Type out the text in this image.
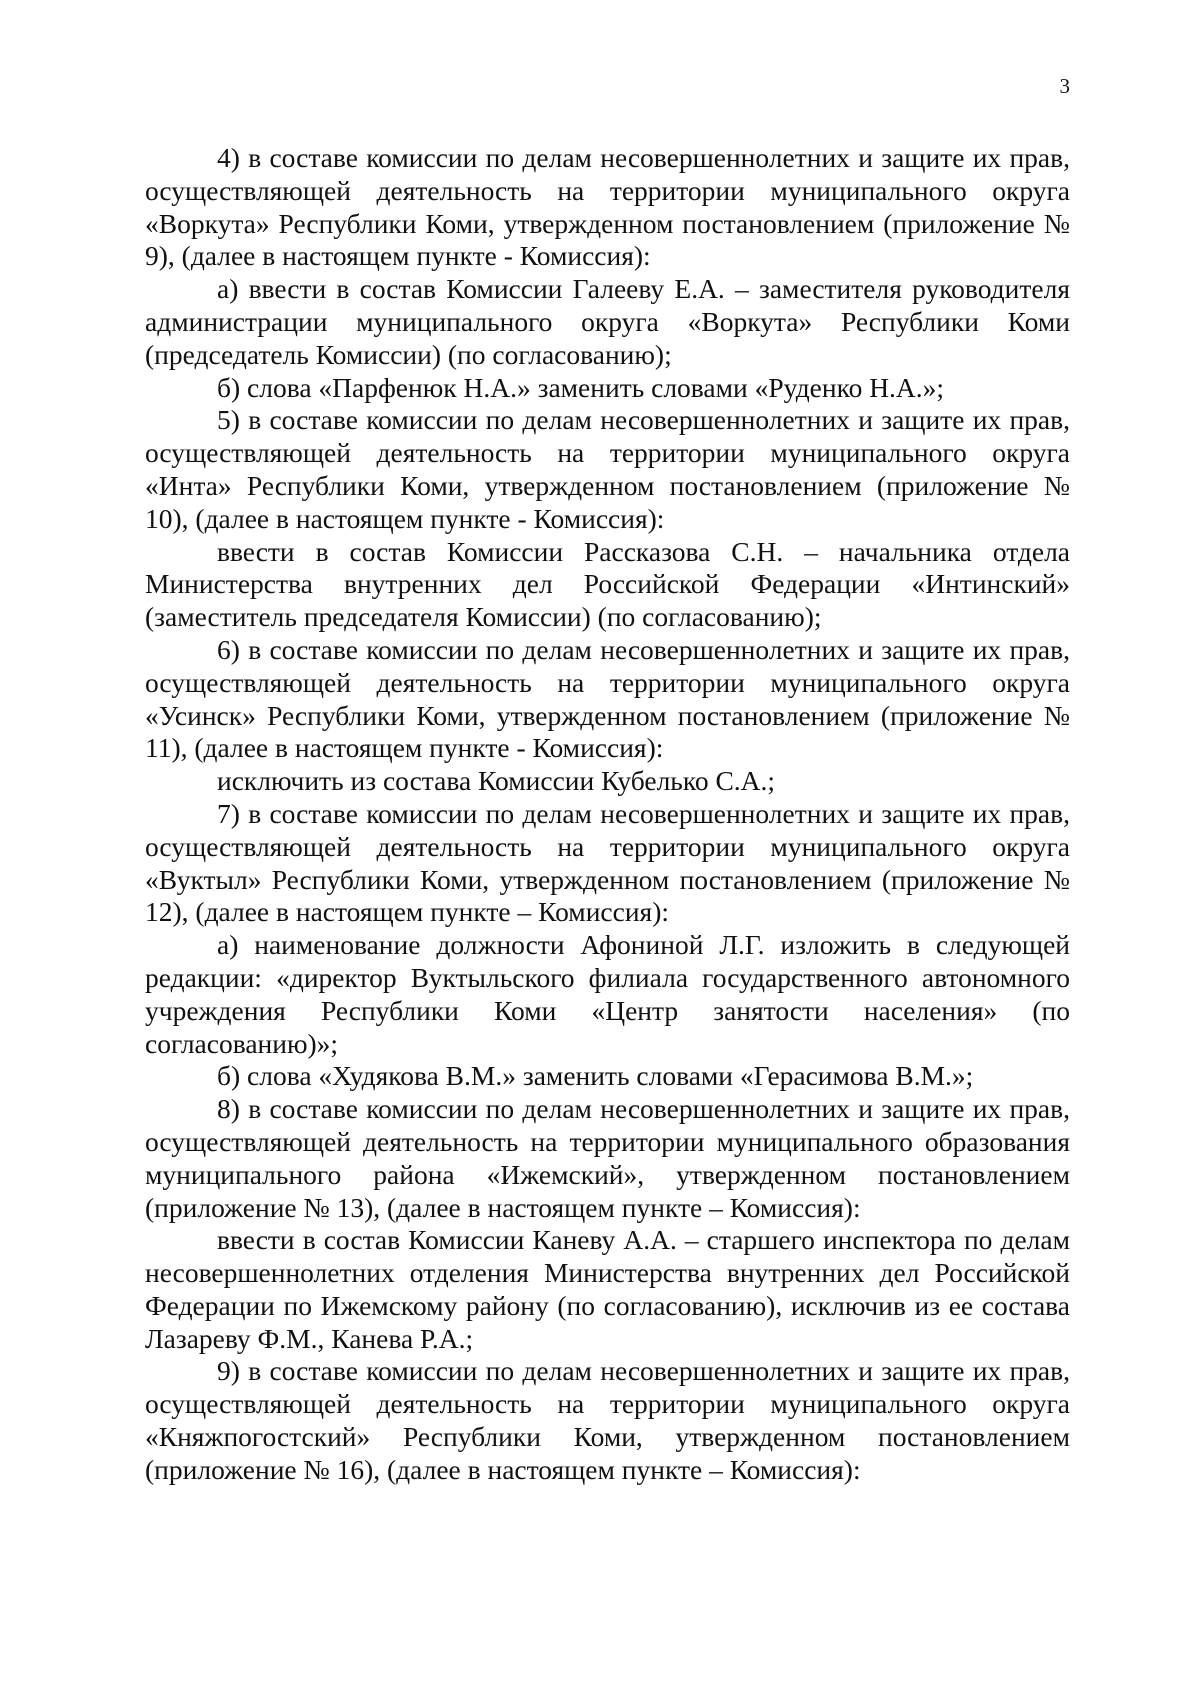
3

4) в составе комиссии по делам несовершеннолетних и защите их прав, осуществляющей деятельность на территории муниципального округа «Воркута» Республики Коми, утвержденном постановлением (приложение № 9), (далее в настоящем пункте - Комиссия):

а) ввести в состав Комиссии Галееву Е.А. – заместителя руководителя администрации муниципального округа «Воркута» Республики Коми (председатель Комиссии) (по согласованию);

б) слова «Парфенюк Н.А.» заменить словами «Руденко Н.А.»;

5) в составе комиссии по делам несовершеннолетних и защите их прав, осуществляющей деятельность на территории муниципального округа «Инта» Республики Коми, утвержденном постановлением (приложение № 10), (далее в настоящем пункте - Комиссия):

ввести в состав Комиссии Рассказова С.Н. – начальника отдела Министерства внутренних дел Российской Федерации «Интинский» (заместитель председателя Комиссии) (по согласованию);

6) в составе комиссии по делам несовершеннолетних и защите их прав, осуществляющей деятельность на территории муниципального округа «Усинск» Республики Коми, утвержденном постановлением (приложение № 11), (далее в настоящем пункте - Комиссия):

исключить из состава Комиссии Кубелько С.А.;

7) в составе комиссии по делам несовершеннолетних и защите их прав, осуществляющей деятельность на территории муниципального округа «Вуктыл» Республики Коми, утвержденном постановлением (приложение № 12), (далее в настоящем пункте – Комиссия):

а) наименование должности Афониной Л.Г. изложить в следующей редакции: «директор Вуктыльского филиала государственного автономного учреждения Республики Коми «Центр занятости населения» (по согласованию)»;

б) слова «Худякова В.М.» заменить словами «Герасимова В.М.»;

8) в составе комиссии по делам несовершеннолетних и защите их прав, осуществляющей деятельность на территории муниципального образования муниципального района «Ижемский», утвержденном постановлением (приложение № 13), (далее в настоящем пункте – Комиссия):

ввести в состав Комиссии Каневу А.А. – старшего инспектора по делам несовершеннолетних отделения Министерства внутренних дел Российской Федерации по Ижемскому району (по согласованию), исключив из ее состава Лазареву Ф.М., Канева Р.А.;

9) в составе комиссии по делам несовершеннолетних и защите их прав, осуществляющей деятельность на территории муниципального округа «Княжпогостский» Республики Коми, утвержденном постановлением (приложение № 16), (далее в настоящем пункте – Комиссия):
